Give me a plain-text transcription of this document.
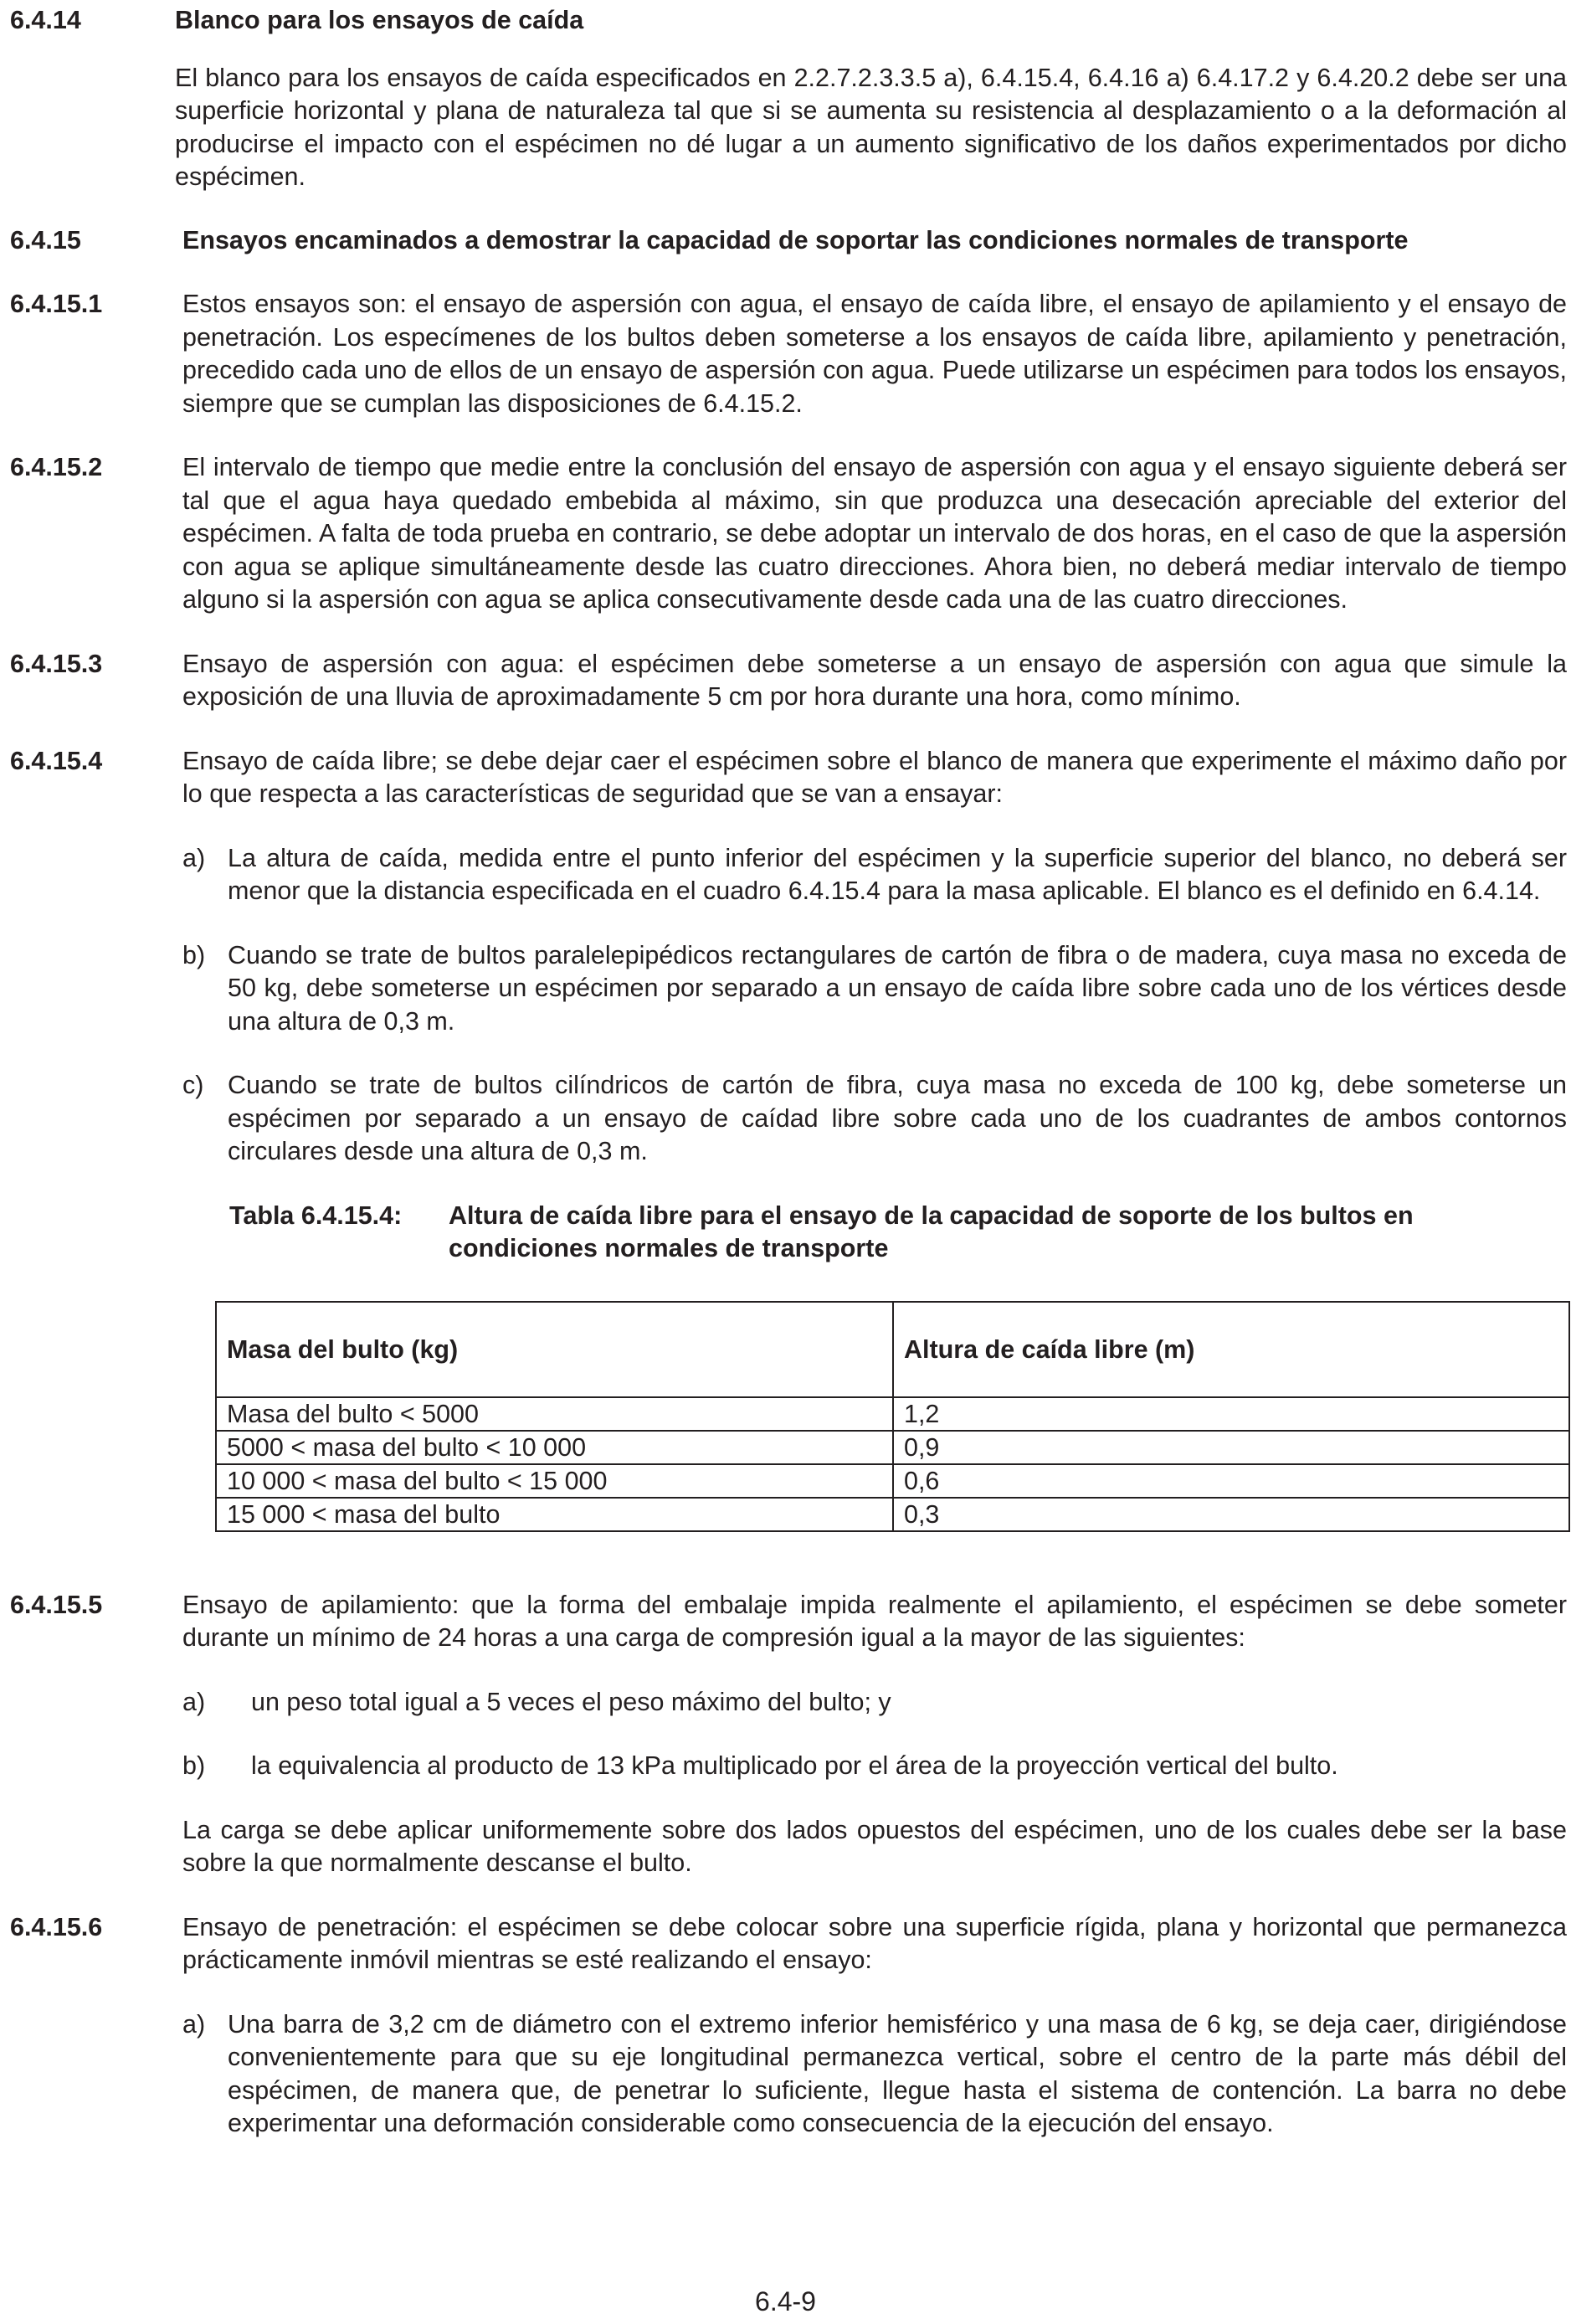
6.4.14	Blanco para los ensayos de caída
El blanco para los ensayos de caída especificados en 2.2.7.2.3.3.5 a), 6.4.15.4, 6.4.16 a) 6.4.17.2 y 6.4.20.2 debe ser una superficie horizontal y plana de naturaleza tal que si se aumenta su resistencia al desplazamiento o a la deformación al producirse el impacto con el espécimen no dé lugar a un aumento significativo de los daños experimentados por dicho espécimen.
6.4.15	Ensayos encaminados a demostrar la capacidad de soportar las condiciones normales de transporte
6.4.15.1	Estos ensayos son: el ensayo de aspersión con agua, el ensayo de caída libre, el ensayo de apilamiento y el ensayo de penetración. Los especímenes de los bultos deben someterse a los ensayos de caída libre, apilamiento y penetración, precedido cada uno de ellos de un ensayo de aspersión con agua. Puede utilizarse un espécimen para todos los ensayos, siempre que se cumplan las disposiciones de 6.4.15.2.
6.4.15.2	El intervalo de tiempo que medie entre la conclusión del ensayo de aspersión con agua y el ensayo siguiente deberá ser tal que el agua haya quedado embebida al máximo, sin que produzca una desecación apreciable del exterior del espécimen. A falta de toda prueba en contrario, se debe adoptar un intervalo de dos horas, en el caso de que la aspersión con agua se aplique simultáneamente desde las cuatro direcciones. Ahora bien, no deberá mediar intervalo de tiempo alguno si la aspersión con agua se aplica consecutivamente desde cada una de las cuatro direcciones.
6.4.15.3	Ensayo de aspersión con agua: el espécimen debe someterse a un ensayo de aspersión con agua que simule la exposición de una lluvia de aproximadamente 5 cm por hora durante una hora, como mínimo.
6.4.15.4	Ensayo de caída libre; se debe dejar caer el espécimen sobre el blanco de manera que experimente el máximo daño por lo que respecta a las características de seguridad que se van a ensayar:
a) La altura de caída, medida entre el punto inferior del espécimen y la superficie superior del blanco, no deberá ser menor que la distancia especificada en el cuadro 6.4.15.4 para la masa aplicable. El blanco es el definido en 6.4.14.
b) Cuando se trate de bultos paralelepipédicos rectangulares de cartón de fibra o de madera, cuya masa no exceda de 50 kg, debe someterse un espécimen por separado a un ensayo de caída libre sobre cada uno de los vértices desde una altura de 0,3 m.
c) Cuando se trate de bultos cilíndricos de cartón de fibra, cuya masa no exceda de 100 kg, debe someterse un espécimen por separado a un ensayo de caídad libre sobre cada uno de los cuadrantes de ambos contornos circulares desde una altura de 0,3 m.
Tabla 6.4.15.4: Altura de caída libre para el ensayo de la capacidad de soporte de los bultos en condiciones normales de transporte
Masa del bulto (kg)	Altura de caída libre (m)
Masa del bulto < 5000	1,2
5000 < masa del bulto < 10 000	0,9
10 000 < masa del bulto < 15 000	0,6
15 000 < masa del bulto	0,3
6.4.15.5	Ensayo de apilamiento: que la forma del embalaje impida realmente el apilamiento, el espécimen se debe someter durante un mínimo de 24 horas a una carga de compresión igual a la mayor de las siguientes:
a) un peso total igual a 5 veces el peso máximo del bulto; y
b) la equivalencia al producto de 13 kPa multiplicado por el área de la proyección vertical del bulto.
La carga se debe aplicar uniformemente sobre dos lados opuestos del espécimen, uno de los cuales debe ser la base sobre la que normalmente descanse el bulto.
6.4.15.6	Ensayo de penetración: el espécimen se debe colocar sobre una superficie rígida, plana y horizontal que permanezca prácticamente inmóvil mientras se esté realizando el ensayo:
a) Una barra de 3,2 cm de diámetro con el extremo inferior hemisférico y una masa de 6 kg, se deja caer, dirigiéndose convenientemente para que su eje longitudinal permanezca vertical, sobre el centro de la parte más débil del espécimen, de manera que, de penetrar lo suficiente, llegue hasta el sistema de contención. La barra no debe experimentar una deformación considerable como consecuencia de la ejecución del ensayo.
6.4-9
